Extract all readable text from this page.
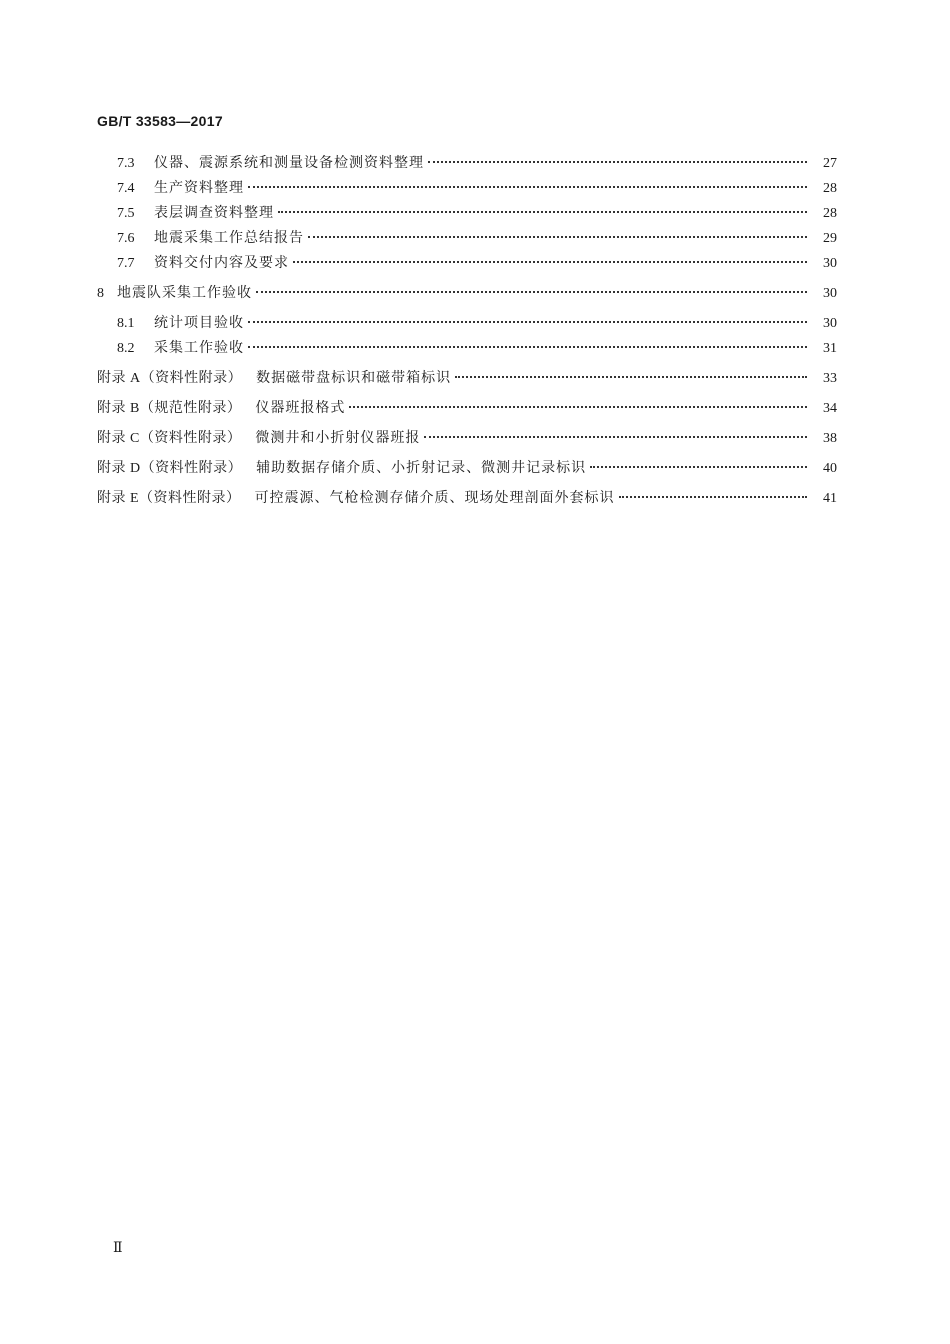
GB/T 33583—2017
7.3	仪器、震源系统和测量设备检测资料整理	27
7.4	生产资料整理	28
7.5	表层调查资料整理	28
7.6	地震采集工作总结报告	29
7.7	资料交付内容及要求	30
8 地震队采集工作验收	30
8.1	统计项目验收	30
8.2	采集工作验收	31
附录 A（资料性附录） 数据磁带盘标识和磁带箱标识	33
附录 B（规范性附录） 仪器班报格式	34
附录 C（资料性附录） 微测井和小折射仪器班报	38
附录 D（资料性附录） 辅助数据存储介质、小折射记录、微测井记录标识	40
附录 E（资料性附录） 可控震源、气枪检测存储介质、现场处理剖面外套标识	41
Ⅱ
